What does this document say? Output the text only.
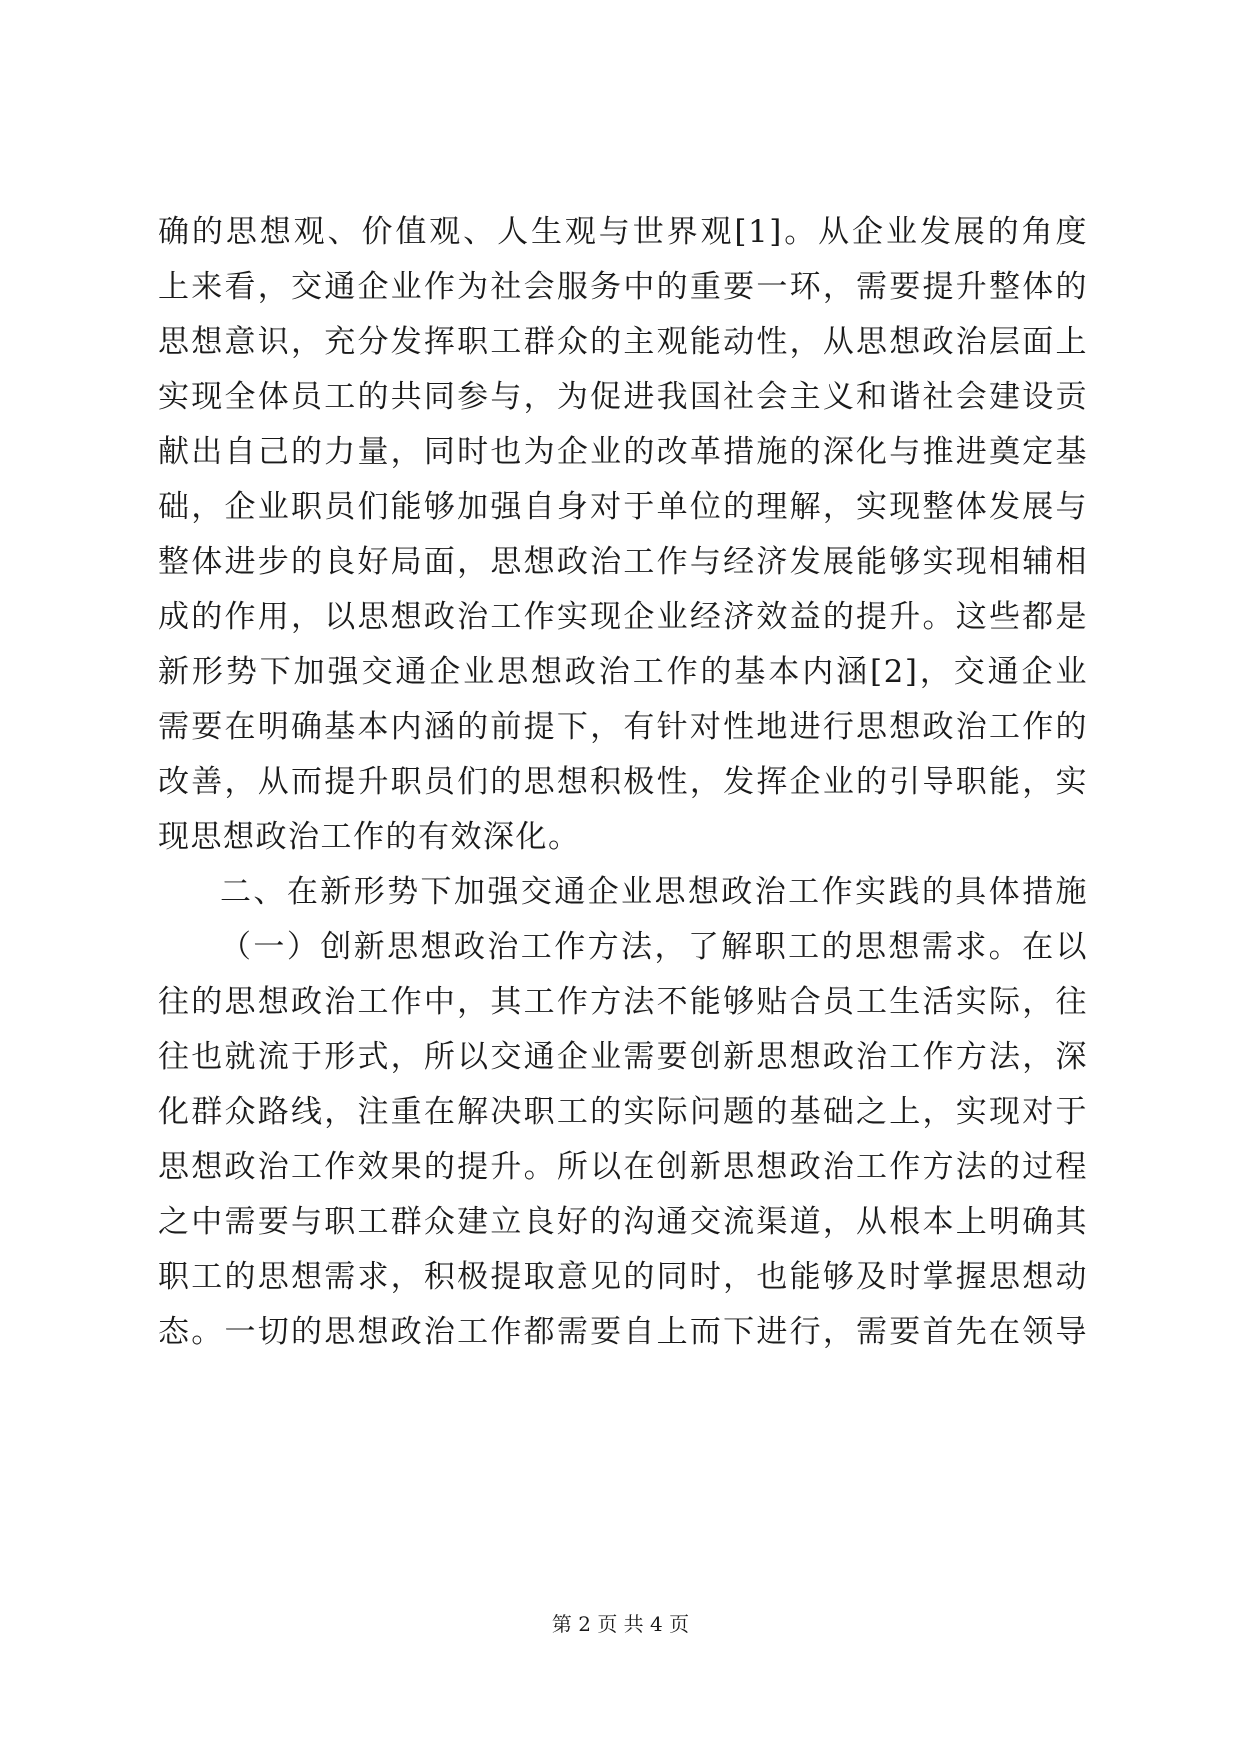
确的思想观、价值观、人生观与世界观[1]。从企业发展的角度
上来看，交通企业作为社会服务中的重要一环，需要提升整体的
思想意识，充分发挥职工群众的主观能动性，从思想政治层面上
实现全体员工的共同参与，为促进我国社会主义和谐社会建设贡
献出自己的力量，同时也为企业的改革措施的深化与推进奠定基
础，企业职员们能够加强自身对于单位的理解，实现整体发展与
整体进步的良好局面，思想政治工作与经济发展能够实现相辅相
成的作用，以思想政治工作实现企业经济效益的提升。这些都是
新形势下加强交通企业思想政治工作的基本内涵[2]，交通企业
需要在明确基本内涵的前提下，有针对性地进行思想政治工作的
改善，从而提升职员们的思想积极性，发挥企业的引导职能，实
现思想政治工作的有效深化。
二、在新形势下加强交通企业思想政治工作实践的具体措施
（一）创新思想政治工作方法，了解职工的思想需求。在以
往的思想政治工作中，其工作方法不能够贴合员工生活实际，往
往也就流于形式，所以交通企业需要创新思想政治工作方法，深
化群众路线，注重在解决职工的实际问题的基础之上，实现对于
思想政治工作效果的提升。所以在创新思想政治工作方法的过程
之中需要与职工群众建立良好的沟通交流渠道，从根本上明确其
职工的思想需求，积极提取意见的同时，也能够及时掌握思想动
态。一切的思想政治工作都需要自上而下进行，需要首先在领导
第 2 页 共 4 页
